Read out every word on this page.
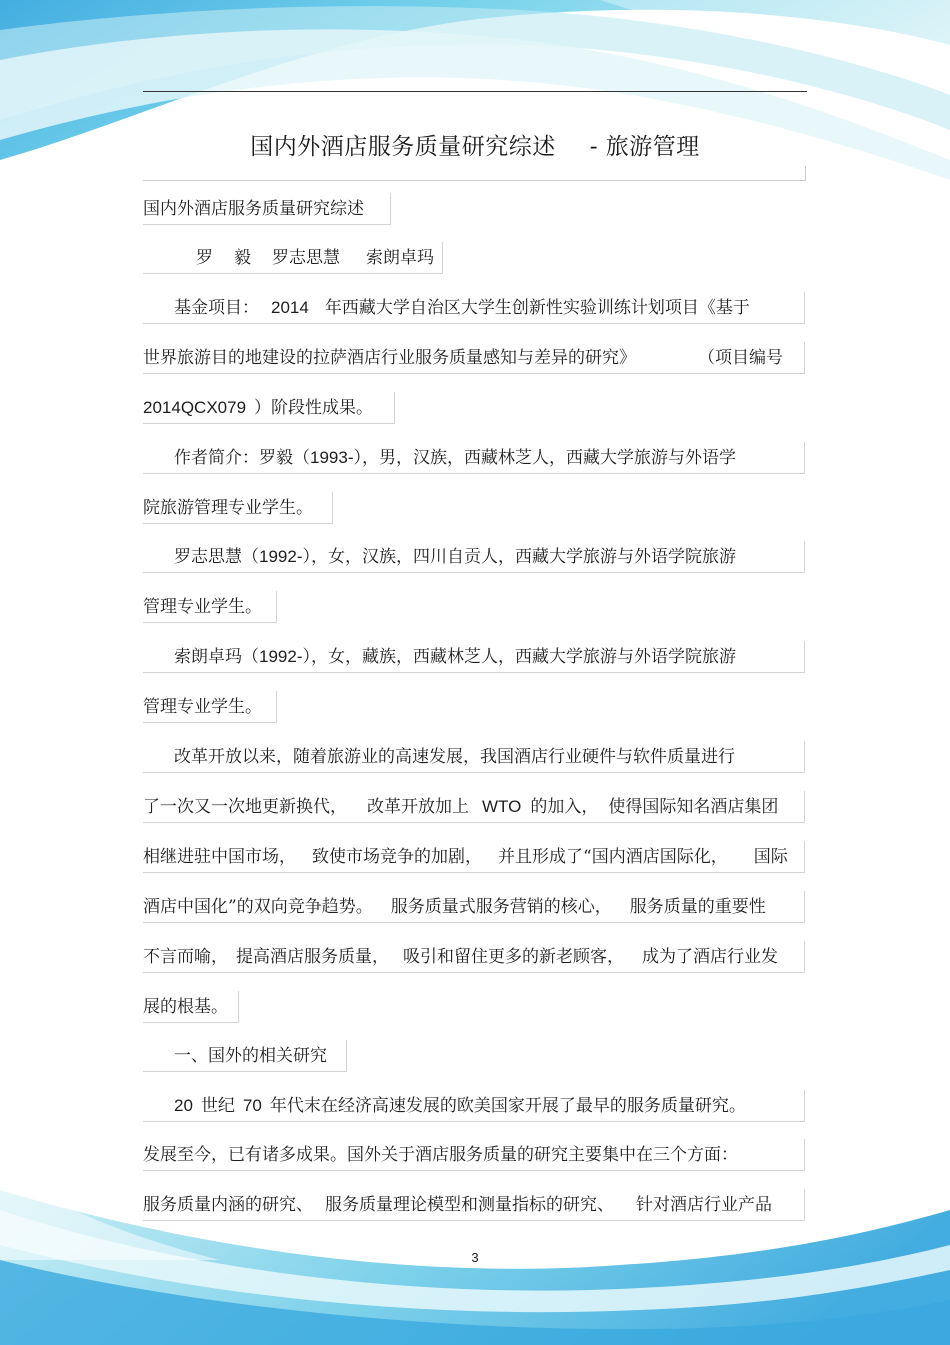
国内外酒店服务质量研究综述 - 旅游管理
国内外酒店服务质量研究综述
罗 毅 罗志思慧 索朗卓玛
基金项目： 2014 年西藏大学自治区大学生创新性实验训练计划项目《基于
世界旅游目的地建设的拉萨酒店行业服务质量感知与差异的研究》	（项目编号
2014QCX079 ）阶段性成果。
作者简介：罗毅（1993-），男，汉族，西藏林芝人，西藏大学旅游与外语学
院旅游管理专业学生。
罗志思慧（1992-），女，汉族，四川自贡人，西藏大学旅游与外语学院旅游
管理专业学生。
索朗卓玛（1992-），女，藏族，西藏林芝人，西藏大学旅游与外语学院旅游
管理专业学生。
改革开放以来，随着旅游业的高速发展，我国酒店行业硬件与软件质量进行
了一次又一次地更新换代， 改革开放加上 WTO 的加入， 使得国际知名酒店集团
相继进驻中国市场， 致使市场竞争的加剧， 并且形成了“国内酒店国际化， 国际
酒店中国化”的双向竞争趋势。 服务质量式服务营销的核心， 服务质量的重要性
不言而喻， 提高酒店服务质量， 吸引和留住更多的新老顾客， 成为了酒店行业发
展的根基。
一、国外的相关研究
20 世纪 70 年代末在经济高速发展的欧美国家开展了最早的服务质量研究。
发展至今，已有诸多成果。国外关于酒店服务质量的研究主要集中在三个方面：
服务质量内涵的研究、 服务质量理论模型和测量指标的研究、 针对酒店行业产品
3
